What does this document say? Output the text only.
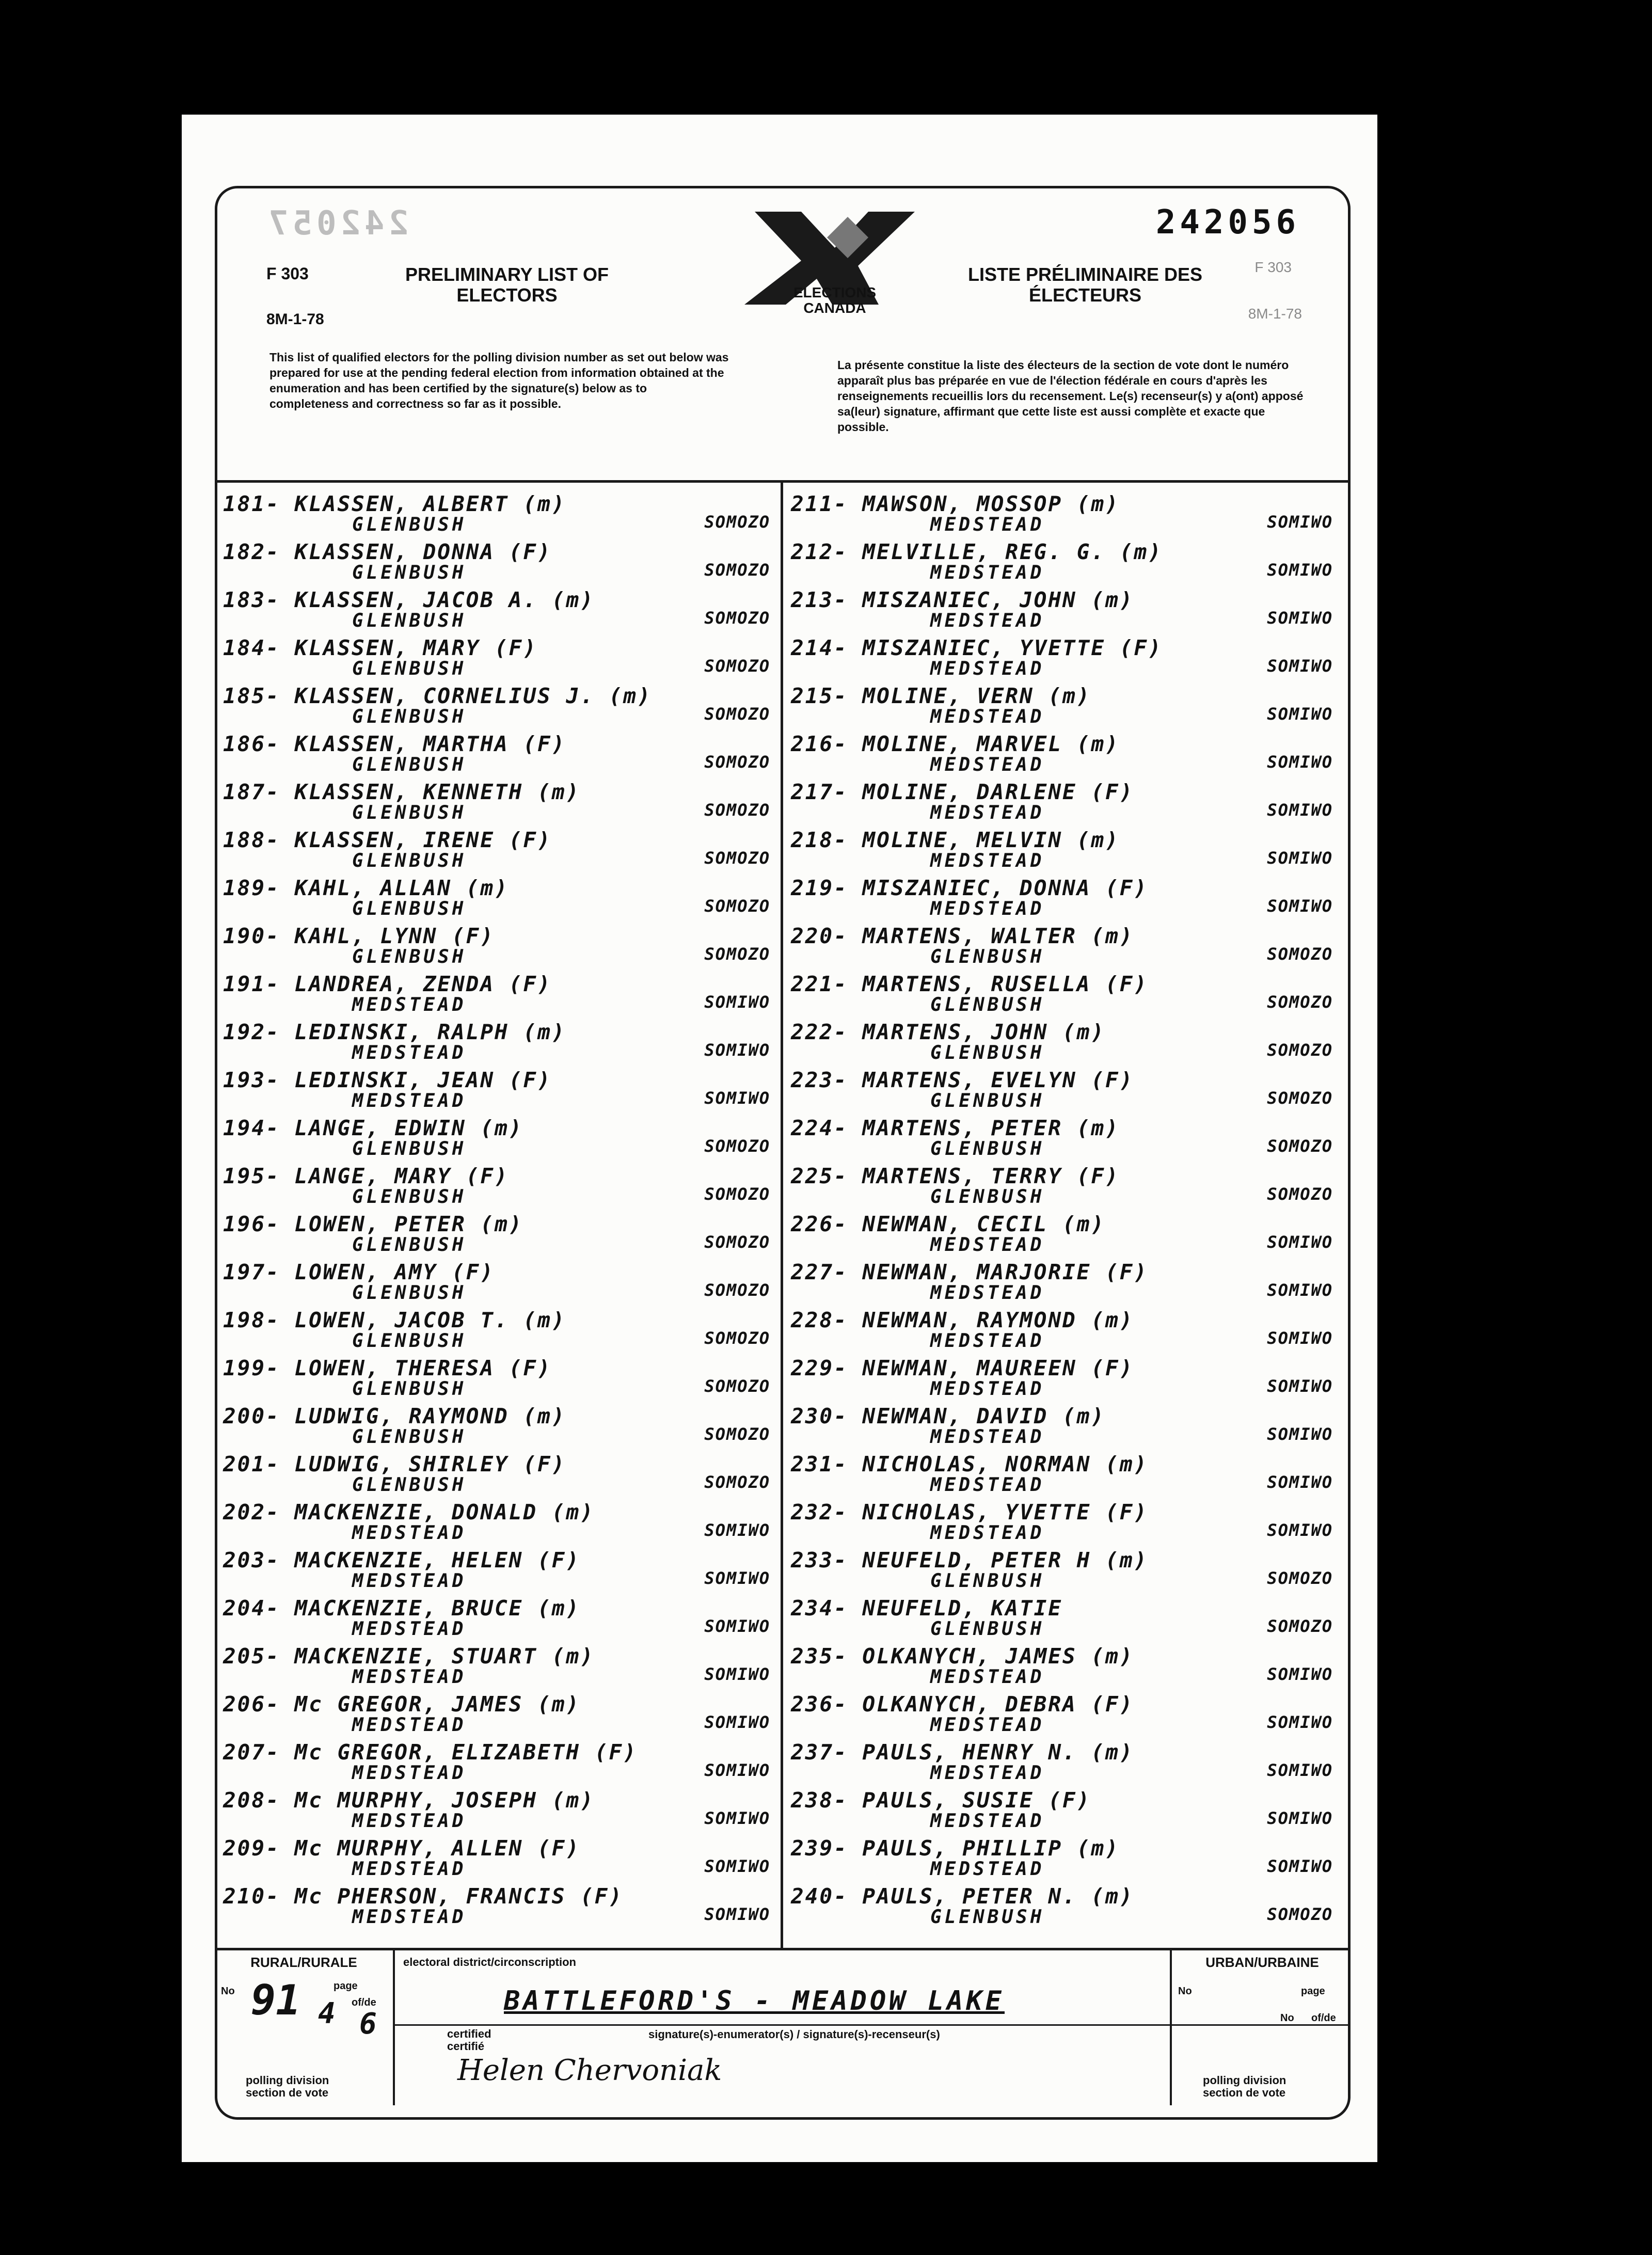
242057	242056
F 303
8M-1-78
F 303
8M-1-78
PRELIMINARY LIST OF ELECTORS
LISTE PRÉLIMINAIRE DES ÉLECTEURS
ELECTIONS CANADA
This list of qualified electors for the polling division number as set out below was prepared for use at the pending federal election from information obtained at the enumeration and has been certified by the signature(s) below as to completeness and correctness so far as it possible.
La présente constitue la liste des électeurs de la section de vote dont le numéro apparaît plus bas préparée en vue de l'élection fédérale en cours d'après les renseignements recueillis lors du recensement. Le(s) recenseur(s) y a(ont) apposé sa(leur) signature, affirmant que cette liste est aussi complète et exacte que possible.
181- KLASSEN, ALBERT (m)
GLENBUSH	SOMOZO
182- KLASSEN, DONNA (F)
GLENBUSH	SOMOZO
183- KLASSEN, JACOB A. (m)
GLENBUSH	SOMOZO
184- KLASSEN, MARY (F)
GLENBUSH	SOMOZO
185- KLASSEN, CORNELIUS J. (m)
GLENBUSH	SOMOZO
186- KLASSEN, MARTHA (F)
GLENBUSH	SOMOZO
187- KLASSEN, KENNETH (m)
GLENBUSH	SOMOZO
188- KLASSEN, IRENE (F)
GLENBUSH	SOMOZO
189- KAHL, ALLAN (m)
GLENBUSH	SOMOZO
190- KAHL, LYNN (F)
GLENBUSH	SOMOZO
191- LANDREA, ZENDA (F)
MEDSTEAD	SOMIWO
192- LEDINSKI, RALPH (m)
MEDSTEAD	SOMIWO
193- LEDINSKI, JEAN (F)
MEDSTEAD	SOMIWO
194- LANGE, EDWIN (m)
GLENBUSH	SOMOZO
195- LANGE, MARY (F)
GLENBUSH	SOMOZO
196- LOWEN, PETER (m)
GLENBUSH	SOMOZO
197- LOWEN, AMY (F)
GLENBUSH	SOMOZO
198- LOWEN, JACOB T. (m)
GLENBUSH	SOMOZO
199- LOWEN, THERESA (F)
GLENBUSH	SOMOZO
200- LUDWIG, RAYMOND (m)
GLENBUSH	SOMOZO
201- LUDWIG, SHIRLEY (F)
GLENBUSH	SOMOZO
202- MACKENZIE, DONALD (m)
MEDSTEAD	SOMIWO
203- MACKENZIE, HELEN (F)
MEDSTEAD	SOMIWO
204- MACKENZIE, BRUCE (m)
MEDSTEAD	SOMIWO
205- MACKENZIE, STUART (m)
MEDSTEAD	SOMIWO
206- Mc GREGOR, JAMES (m)
MEDSTEAD	SOMIWO
207- Mc GREGOR, ELIZABETH (F)
MEDSTEAD	SOMIWO
208- Mc MURPHY, JOSEPH (m)
MEDSTEAD	SOMIWO
209- Mc MURPHY, ALLEN (F)
MEDSTEAD	SOMIWO
210- Mc PHERSON, FRANCIS (F)
MEDSTEAD	SOMIWO
211- MAWSON, MOSSOP (m)
MEDSTEAD	SOMIWO
212- MELVILLE, REG. G. (m)
MEDSTEAD	SOMIWO
213- MISZANIEC, JOHN (m)
MEDSTEAD	SOMIWO
214- MISZANIEC, YVETTE (F)
MEDSTEAD	SOMIWO
215- MOLINE, VERN (m)
MEDSTEAD	SOMIWO
216- MOLINE, MARVEL (m)
MEDSTEAD	SOMIWO
217- MOLINE, DARLENE (F)
MEDSTEAD	SOMIWO
218- MOLINE, MELVIN (m)
MEDSTEAD	SOMIWO
219- MISZANIEC, DONNA (F)
MEDSTEAD	SOMIWO
220- MARTENS, WALTER (m)
GLENBUSH	SOMOZO
221- MARTENS, RUSELLA (F)
GLENBUSH	SOMOZO
222- MARTENS, JOHN (m)
GLENBUSH	SOMOZO
223- MARTENS, EVELYN (F)
GLENBUSH	SOMOZO
224- MARTENS, PETER (m)
GLENBUSH	SOMOZO
225- MARTENS, TERRY (F)
GLENBUSH	SOMOZO
226- NEWMAN, CECIL (m)
MEDSTEAD	SOMIWO
227- NEWMAN, MARJORIE (F)
MEDSTEAD	SOMIWO
228- NEWMAN, RAYMOND (m)
MEDSTEAD	SOMIWO
229- NEWMAN, MAUREEN (F)
MEDSTEAD	SOMIWO
230- NEWMAN, DAVID (m)
MEDSTEAD	SOMIWO
231- NICHOLAS, NORMAN (m)
MEDSTEAD	SOMIWO
232- NICHOLAS, YVETTE (F)
MEDSTEAD	SOMIWO
233- NEUFELD, PETER H (m)
GLENBUSH	SOMOZO
234- NEUFELD, KATIE
GLENBUSH	SOMOZO
235- OLKANYCH, JAMES (m)
MEDSTEAD	SOMIWO
236- OLKANYCH, DEBRA (F)
MEDSTEAD	SOMIWO
237- PAULS, HENRY N. (m)
MEDSTEAD	SOMIWO
238- PAULS, SUSIE (F)
MEDSTEAD	SOMIWO
239- PAULS, PHILLIP (m)
MEDSTEAD	SOMIWO
240- PAULS, PETER N. (m)
GLENBUSH	SOMOZO
RURAL/RURALE
No 91	page
4 of/de
6
polling division
section de vote
electoral district/circonscription
BATTLEFORD'S - MEADOW LAKE
certified
certifié
signature(s)-enumerator(s) / signature(s)-recenseur(s)
Helen Chervoniak
URBAN/URBAINE
No	page
No of/de
polling division
section de vote
